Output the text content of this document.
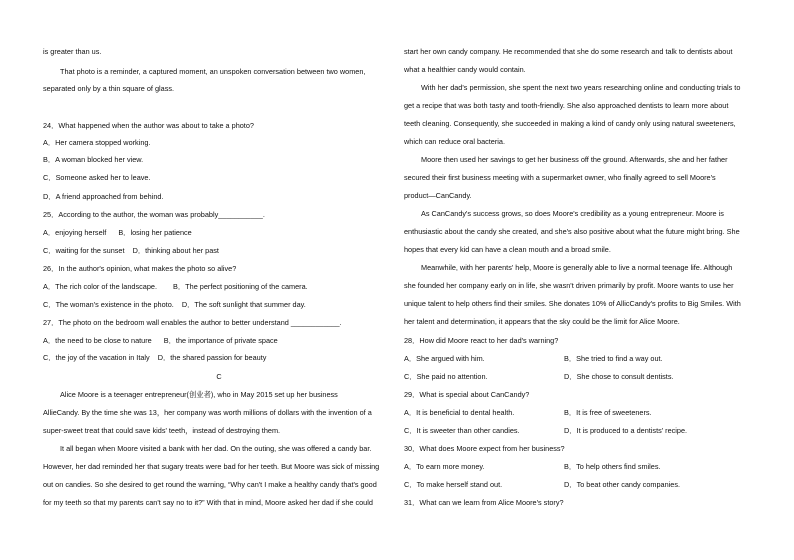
is greater than us.
That photo is a reminder, a captured moment, an unspoken conversation between two women,
separated only by a thin square of glass.
24．What happened when the author was about to take a photo?
A．Her camera stopped working.
B．A woman blocked her view.
C．Someone asked her to leave.
D．A friend approached from behind.
25．According to the author, the woman was probably___________.
A．enjoying herself B．losing her patience
C．waiting for the sunset D．thinking about her past
26．In the author's opinion, what makes the photo so alive?
A．The rich color of the landscape. B．The perfect positioning of the camera.
C．The woman's existence in the photo. D．The soft sunlight that summer day.
27．The photo on the bedroom wall enables the author to better understand ____________.
A．the need to be close to nature B．the importance of private space
C．the joy of the vacation in Italy D．the shared passion for beauty
C
Alice Moore is a teenager entrepreneur(创业者), who in May 2015 set up her business
AllieCandy. By the time she was 13，her company was worth millions of dollars with the invention of a
super-sweet treat that could save kids' teeth，instead of destroying them.
It all began when Moore visited a bank with her dad. On the outing, she was offered a candy bar.
However, her dad reminded her that sugary treats were bad for her teeth. But Moore was sick of missing
out on candies. So she desired to get round the warning, “Why can't I make a healthy candy that's good
for my teeth so that my parents can't say no to it?” With that in mind, Moore asked her dad if she could
start her own candy company. He recommended that she do some research and talk to dentists about
what a healthier candy would contain.
With her dad's permission, she spent the next two years researching online and conducting trials to
get a recipe that was both tasty and tooth-friendly. She also approached dentists to learn more about
teeth cleaning. Consequently, she succeeded in making a kind of candy only using natural sweeteners,
which can reduce oral bacteria.
Moore then used her savings to get her business off the ground. Afterwards, she and her father
secured their first business meeting with a supermarket owner, who finally agreed to sell Moore's
product—CanCandy.
As CanCandy's success grows, so does Moore's credibility as a young entrepreneur. Moore is
enthusiastic about the candy she created, and she's also positive about what the future might bring. She
hopes that every kid can have a clean mouth and a broad smile.
Meanwhile, with her parents' help, Moore is generally able to live a normal teenage life. Although
she founded her company early on in life, she wasn't driven primarily by profit. Moore wants to use her
unique talent to help others find their smiles. She donates 10% of AllicCandy's profits to Big Smiles. With
her talent and determination, it appears that the sky could be the limit for Alice Moore.
28．How did Moore react to her dad's warning?
A．She argued with him.	B．She tried to find a way out.
C．She paid no attention.	D．She chose to consult dentists.
29．What is special about CanCandy?
A．It is beneficial to dental health.	B．It is free of sweeteners.
C．It is sweeter than other candies.	D．It is produced to a dentists' recipe.
30．What does Moore expect from her business?
A．To earn more money.	B．To help others find smiles.
C．To make herself stand out.	D．To beat other candy companies.
31．What can we learn from Alice Moore's story?
